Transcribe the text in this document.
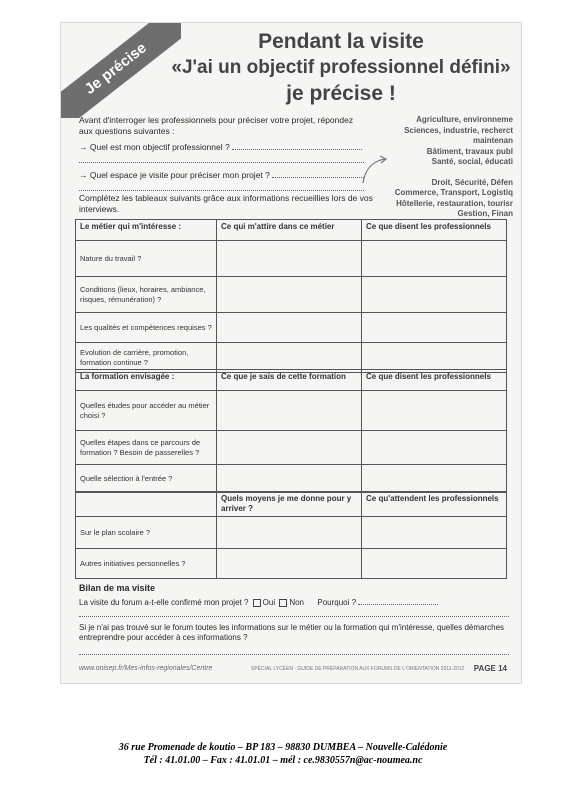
Je précise	Pendant la visite
«J'ai un objectif professionnel défini»
je précise !
Avant d'interroger les professionnels pour préciser votre projet, répondez aux questions suivantes :
→ Quel est mon objectif professionnel ?
→ Quel espace je visite pour préciser mon projet ?
Agriculture, environneme
Sciences, industrie, recherct
maintenan
Bâtiment, travaux publ
Santé, social, éducati
Droit, Sécurité, Défen
Commerce, Transport, Logistiq
Hôtellerie, restauration, tourisr
Gestion, Finan
Complétez les tableaux suivants grâce aux informations recueillies lors de vos interviews.
Le métier qui m'intéresse :	Ce qui m'attire dans ce métier	Ce que disent les professionnels
Nature du travail ?		
Conditions (lieux, horaires, ambiance, risques, rémunération) ?		
Les qualités et compétences requises ?		
Evolution de carrière, promotion, formation continue ?		
La formation envisagée :	Ce que je sais de cette formation	Ce que disent les professionnels
Quelles études pour accéder au métier choisi ?		
Quelles étapes dans ce parcours de formation ? Besoin de passerelles ?		
Quelle sélection à l'entrée ?		
	Quels moyens je me donne pour y arriver ?	Ce qu'attendent les professionnels
Sur le plan scolaire ?		
Autres initiatives personnelles ?		
Bilan de ma visite
La visite du forum a-t-elle confirmé mon projet ? Oui Non Pourquoi ?
Si je n'ai pas trouvé sur le forum toutes les informations sur le métier ou la formation qui m'intéresse, quelles démarches entreprendre pour accéder à ces informations ?
www.onisep.fr/Mes-infos-regionales/Centre	SPÉCIAL LYCÉEN · GUIDE DE PRÉPARATION AUX FORUMS DE L'ORIENTATION 2011-2012 PAGE 14
36 rue Promenade de koutio – BP 183 – 98830 DUMBEA – Nouvelle-Calédonie
Tél : 41.01.00 – Fax : 41.01.01 – mél : ce.9830557n@ac-noumea.nc
